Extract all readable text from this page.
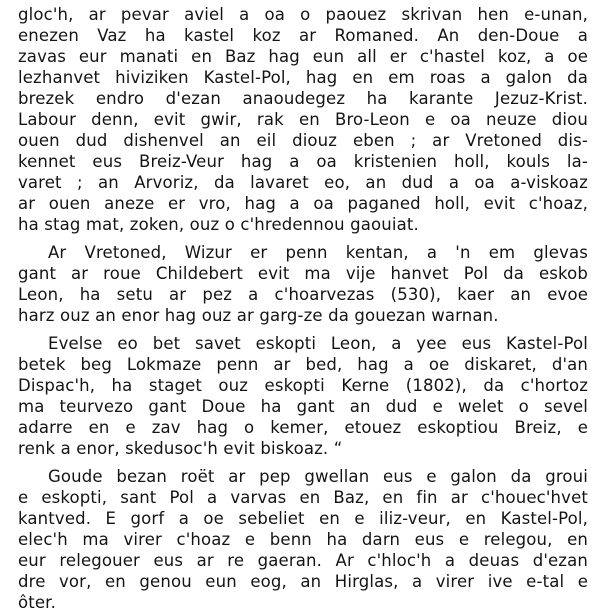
gloc'h, ar pevar aviel a oa o paouez skrivan hen e-unan,
enezen Vaz ha kastel koz ar Romaned. An den-Doue a
zavas eur manati en Baz hag eun all er c'hastel koz, a oe
lezhanvet hiviziken Kastel-Pol, hag en em roas a galon da
brezek endro d'ezan anaoudegez ha karante Jezuz-Krist.
Labour denn, evit gwir, rak en Bro-Leon e oa neuze diou
ouen dud dishenvel an eil diouz eben ; ar Vretoned dis-
kennet eus Breiz-Veur hag a oa kristenien holl, kouls la-
varet ; an Arvoriz, da lavaret eo, an dud a oa a-viskoaz
ar ouen aneze er vro, hag a oa paganed holl, evit c'hoaz,
ha stag mat, zoken, ouz o c'hredennou gaouiat.
Ar Vretoned, Wizur er penn kentan, a 'n em glevas
gant ar roue Childebert evit ma vije hanvet Pol da eskob
Leon, ha setu ar pez a c'hoarvezas (530), kaer an evoe
harz ouz an enor hag ouz ar garg-ze da gouezan warnan.
Evelse eo bet savet eskopti Leon, a yee eus Kastel-Pol
betek beg Lokmaze penn ar bed, hag a oe diskaret, d'an
Dispac'h, ha staget ouz eskopti Kerne (1802), da c'hortoz
ma teurvezo gant Doue ha gant an dud e welet o sevel
adarre en e zav hag o kemer, etouez eskoptiou Breiz, e
renk a enor, skedusoc'h evit biskoaz. “
Goude bezan roët ar pep gwellan eus e galon da groui
e eskopti, sant Pol a varvas en Baz, en fin ar c'houec'hvet
kantved. E gorf a oe sebeliet en e iliz-veur, en Kastel-Pol,
elec'h ma virer c'hoaz e benn ha darn eus e relegou, en
eur relegouer eus ar re gaeran. Ar c'hloc'h a deuas d'ezan
dre vor, en genou eun eog, an Hirglas, a virer ive e-tal e
ôter.
